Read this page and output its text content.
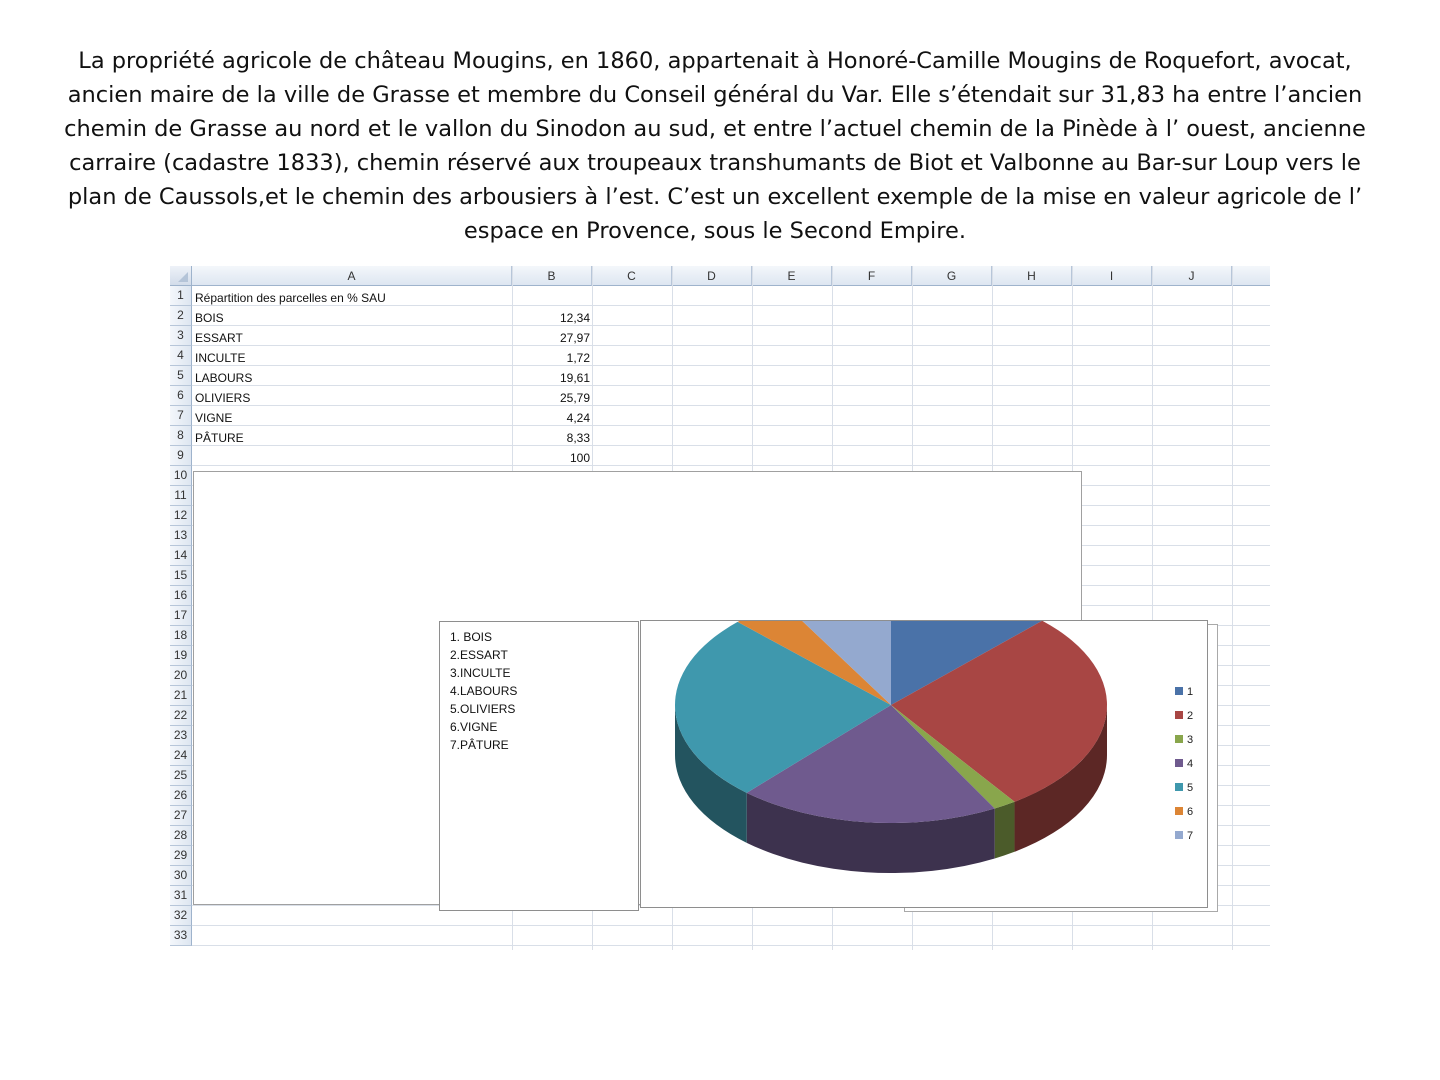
La propriété agricole de château Mougins, en 1860, appartenait à Honoré-Camille Mougins de Roquefort, avocat, ancien maire de la ville de Grasse et membre du Conseil général du Var. Elle s’étendait sur 31,83 ha entre l’ancien chemin de Grasse au nord et le vallon du Sinodon au sud, et entre l’actuel chemin de la Pinède à l’ ouest, ancienne carraire (cadastre 1833), chemin réservé aux troupeaux transhumants de Biot et Valbonne au Bar-sur Loup vers le plan de Caussols,et le chemin des arbousiers à l’est. C’est un excellent exemple de la mise en valeur agricole de l’ espace en Provence, sous le Second Empire.
A	B	C	D	E	F	G	H	I	J
1
2
3
4
5
6
7
8
9
10
11
12
13
14
15
16
17
18
19
20
21
22
23
24
25
26
27
28
29
30
31
32
33
Répartition des parcelles en % SAU
BOIS	12,34
ESSART	27,97
INCULTE	1,72
LABOURS	19,61
OLIVIERS	25,79
VIGNE	4,24
PÂTURE	8,33
100
1. BOIS
2.ESSART
3.INCULTE
4.LABOURS
5.OLIVIERS
6.VIGNE
7.PÂTURE
1
2
3
4
5
6
7
